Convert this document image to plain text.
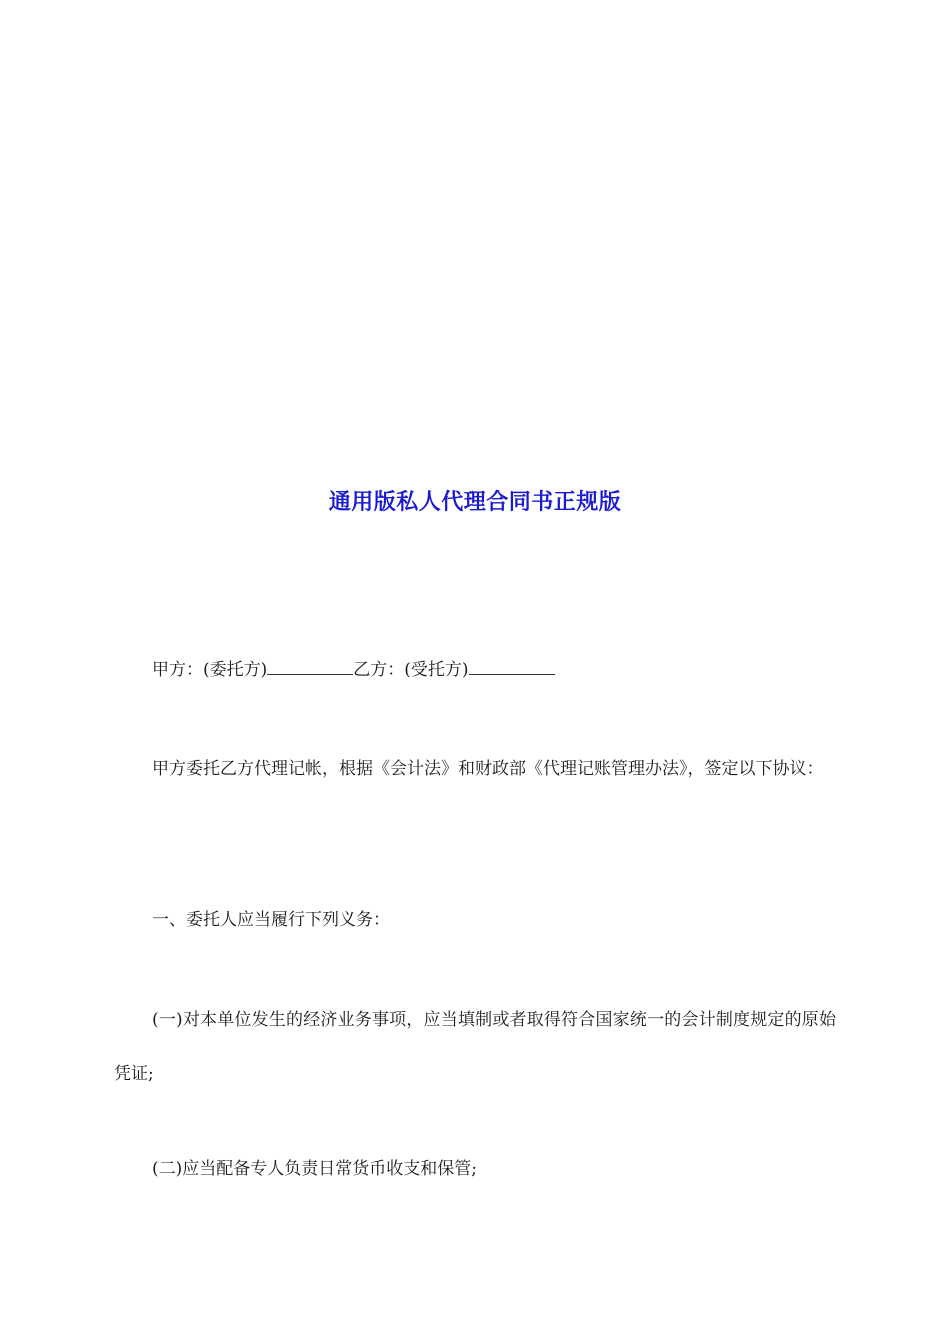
通用版私人代理合同书正规版

甲方：(委托方)	乙方：(受托方)

甲方委托乙方代理记帐，根据《会计法》和财政部《代理记账管理办法》，签定以下协议：

一、委托人应当履行下列义务：

(一)对本单位发生的经济业务事项，应当填制或者取得符合国家统一的会计制度规定的原始凭证;

(二)应当配备专人负责日常货币收支和保管;
